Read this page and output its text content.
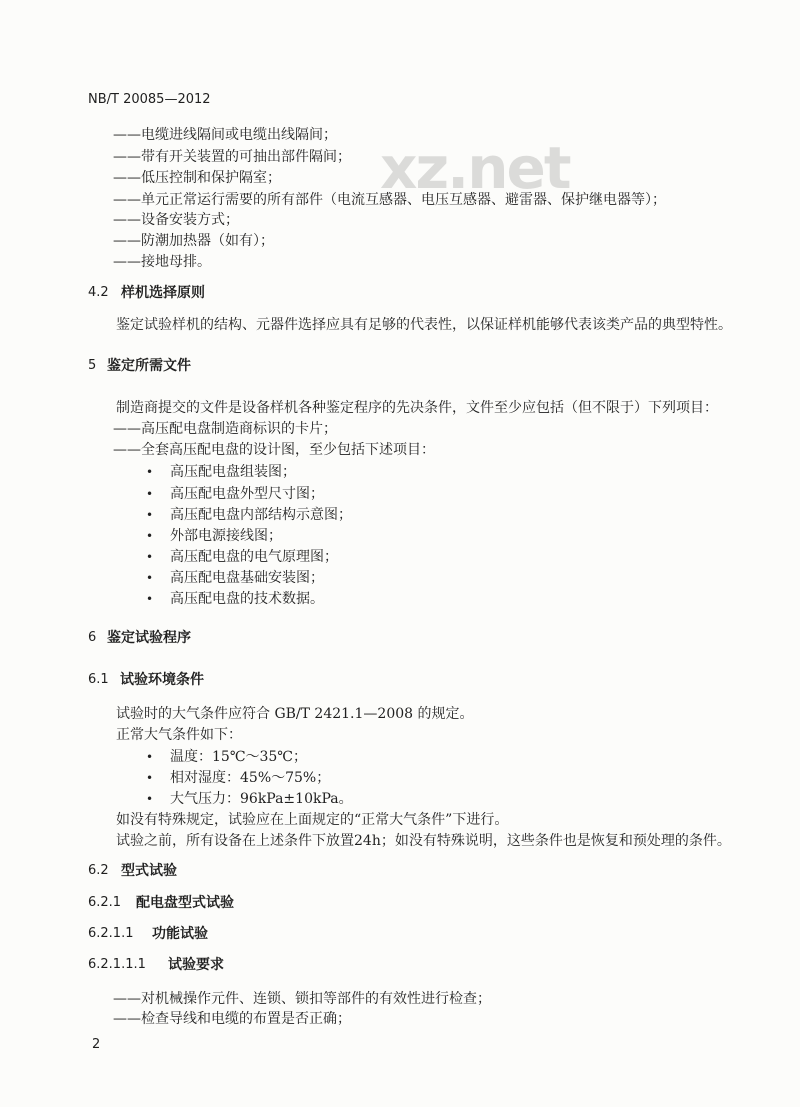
xz.net
NB/T 20085—2012
——电缆进线隔间或电缆出线隔间；
——带有开关装置的可抽出部件隔间；
——低压控制和保护隔室；
——单元正常运行需要的所有部件（电流互感器、电压互感器、避雷器、保护继电器等）；
——设备安装方式；
——防潮加热器（如有）；
——接地母排。
4.2 样机选择原则
鉴定试验样机的结构、元器件选择应具有足够的代表性，以保证样机能够代表该类产品的典型特性。
5 鉴定所需文件
制造商提交的文件是设备样机各种鉴定程序的先决条件，文件至少应包括（但不限于）下列项目：
——高压配电盘制造商标识的卡片；
——全套高压配电盘的设计图，至少包括下述项目：
• 高压配电盘组装图；
• 高压配电盘外型尺寸图；
• 高压配电盘内部结构示意图；
• 外部电源接线图；
• 高压配电盘的电气原理图；
• 高压配电盘基础安装图；
• 高压配电盘的技术数据。
6 鉴定试验程序
6.1 试验环境条件
试验时的大气条件应符合 GB/T 2421.1—2008 的规定。
正常大气条件如下：
• 温度：15℃～35℃；
• 相对湿度：45%～75%；
• 大气压力：96kPa±10kPa。
如没有特殊规定，试验应在上面规定的“正常大气条件”下进行。
试验之前，所有设备在上述条件下放置24h；如没有特殊说明，这些条件也是恢复和预处理的条件。
6.2 型式试验
6.2.1 配电盘型式试验
6.2.1.1 功能试验
6.2.1.1.1 试验要求
——对机械操作元件、连锁、锁扣等部件的有效性进行检查；
——检查导线和电缆的布置是否正确；
2
